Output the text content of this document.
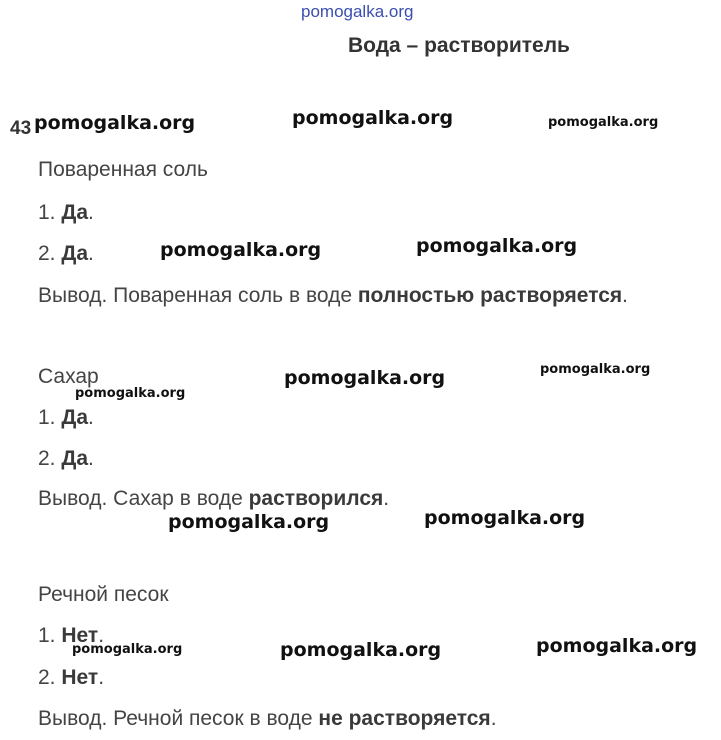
pomogalka.org
Вода – растворитель
43
Поваренная соль
1. Да.
2. Да.
Вывод. Поваренная соль в воде полностью растворяется.
Сахар
1. Да.
2. Да.
Вывод. Сахар в воде растворился.
Речной песок
1. Нет.
2. Нет.
Вывод. Речной песок в воде не растворяется.
pomogalka.org	pomogalka.org	pomogalka.org
pomogalka.org	pomogalka.org
pomogalka.org	pomogalka.org
pomogalka.org
pomogalka.org	pomogalka.org
pomogalka.org	pomogalka.org	pomogalka.org
